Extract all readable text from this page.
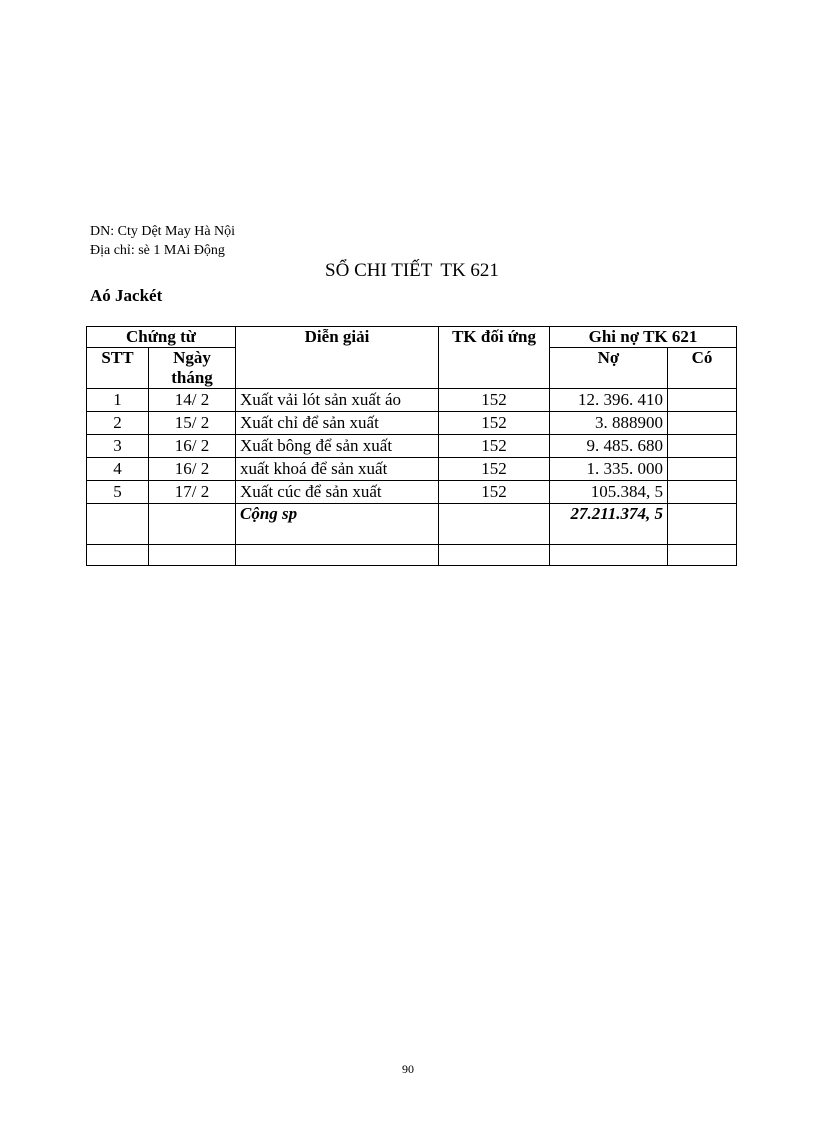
DN: Cty Dệt May Hà Nội
Địa chỉ: sè 1 MAi Động
SỔ CHI TIẾT TK 621
Aó Jackét
Chứng từ		Diễn giải	TK đối ứng	Ghi nợ TK 621	
STT	Ngày tháng			Nợ	Có
1	14/ 2	Xuất vải lót sản xuất áo	152	12. 396. 410	
2	15/ 2	Xuất chỉ để sản xuất	152	3. 888900	
3	16/ 2	Xuất bông để sản xuất	152	9. 485. 680	
4	16/ 2	xuất khoá để sản xuất	152	1. 335. 000	
5	17/ 2	Xuất cúc để sản xuất	152	105.384, 5	
		Cộng sp		27.211.374, 5	

90
